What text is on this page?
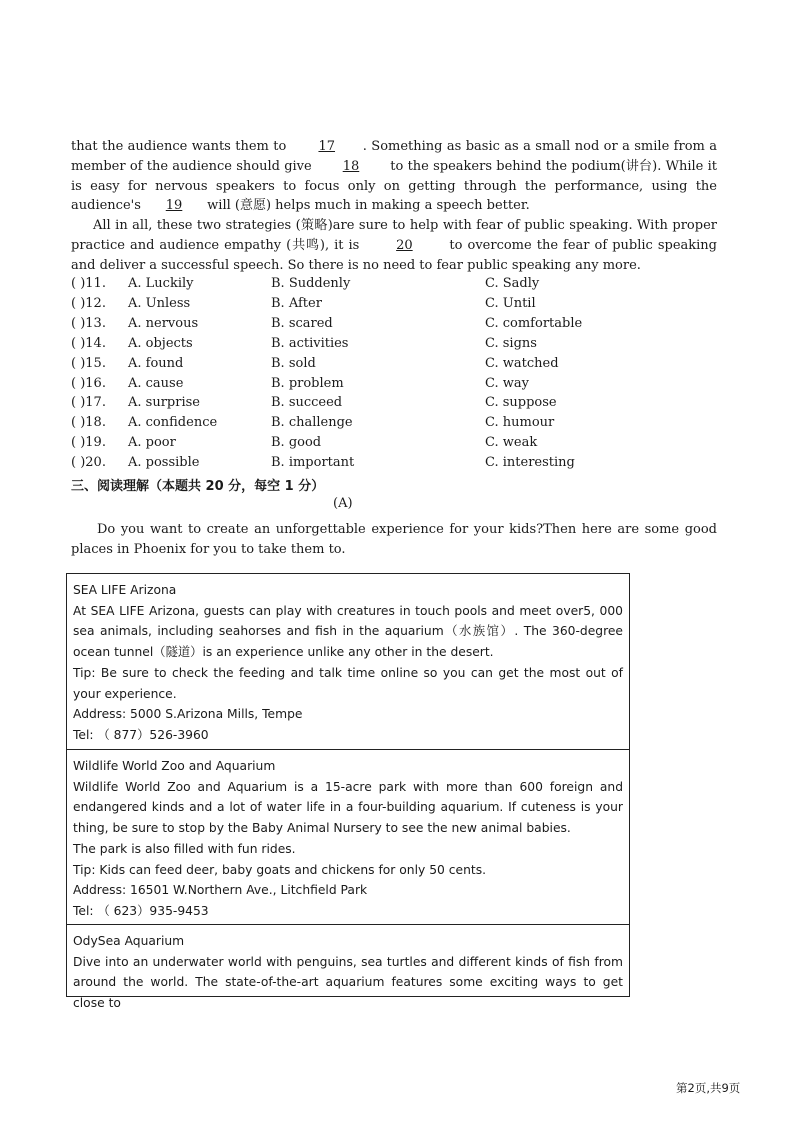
that the audience wants them to 17 . Something as basic as a small nod or a smile from a member of the audience should give 18 to the speakers behind the podium(讲台). While it is easy for nervous speakers to focus only on getting through the performance, using the audience's 19 will (意愿) helps much in making a speech better.
All in all, these two strategies (策略)are sure to help with fear of public speaking. With proper practice and audience empathy (共鸣), it is	20	to overcome the fear of public speaking and deliver a successful speech. So there is no need to fear public speaking any more.
( )11. A. Luckily	B. Suddenly	C. Sadly
( )12. A. Unless	B. After	C. Until
( )13. A. nervous	B. scared	C. comfortable
( )14. A. objects	B. activities	C. signs
( )15. A. found	B. sold	C. watched
( )16. A. cause	B. problem	C. way
( )17. A. surprise	B. succeed	C. suppose
( )18. A. confidence	B. challenge	C. humour
( )19. A. poor	B. good	C. weak
( )20. A. possible	B. important	C. interesting
三、阅读理解（本题共 20 分，每空 1 分）
(A)
Do you want to create an unforgettable experience for your kids?Then here are some good places in Phoenix for you to take them to.

SEA LIFE Arizona

At SEA LIFE Arizona, guests can play with creatures in touch pools and meet over5, 000 sea animals, including seahorses and fish in the aquarium（水族馆）. The 360-degree ocean tunnel（隧道）is an experience unlike any other in the desert.

Tip: Be sure to check the feeding and talk time online so you can get the most out of your experience.

Address: 5000 S.Arizona Mills, Tempe

Tel: （ 877）526-3960

Wildlife World Zoo and Aquarium

Wildlife World Zoo and Aquarium is a 15-acre park with more than 600 foreign and endangered kinds and a lot of water life in a four-building aquarium. If cuteness is your thing, be sure to stop by the Baby Animal Nursery to see the new animal babies.

The park is also filled with fun rides.

Tip: Kids can feed deer, baby goats and chickens for only 50 cents.

Address: 16501 W.Northern Ave., Litchfield Park

Tel: （ 623）935-9453

OdySea Aquarium

Dive into an underwater world with penguins, sea turtles and different kinds of fish from around the world. The state-of-the-art aquarium features some exciting ways to get close to

第2页,共9页
